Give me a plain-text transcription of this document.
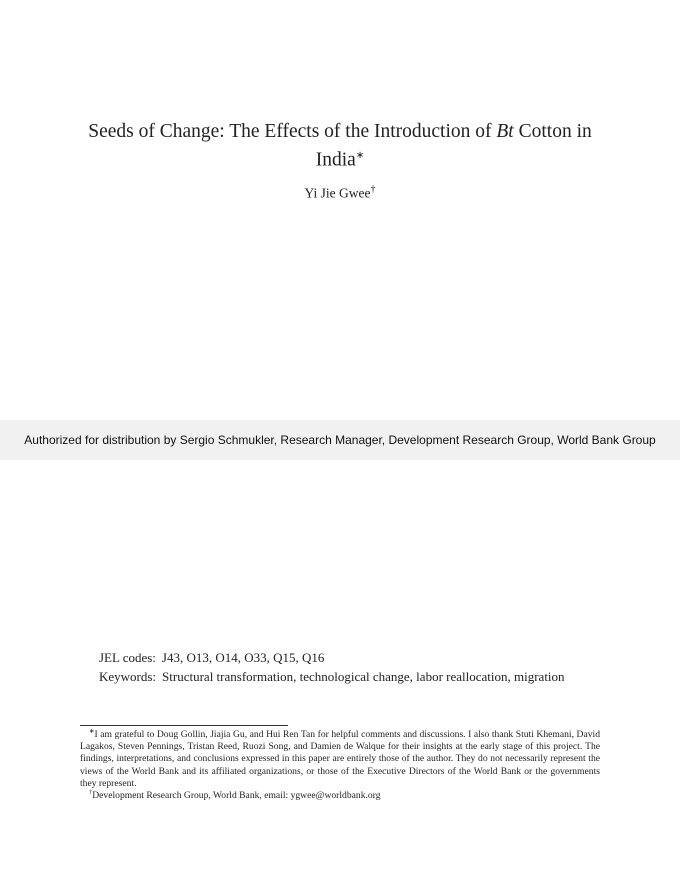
Seeds of Change: The Effects of the Introduction of Bt Cotton in India∗
Yi Jie Gwee†
Authorized for distribution by Sergio Schmukler, Research Manager, Development Research Group, World Bank Group
JEL codes: J43, O13, O14, O33, Q15, Q16
Keywords: Structural transformation, technological change, labor reallocation, migration

∗I am grateful to Doug Gollin, Jiajia Gu, and Hui Ren Tan for helpful comments and discussions. I also thank Stuti Khemani, David Lagakos, Steven Pennings, Tristan Reed, Ruozi Song, and Damien de Walque for their insights at the early stage of this project. The findings, interpretations, and conclusions expressed in this paper are entirely those of the author. They do not necessarily represent the views of the World Bank and its affiliated organizations, or those of the Executive Directors of the World Bank or the governments they represent.

†Development Research Group, World Bank, email: ygwee@worldbank.org
